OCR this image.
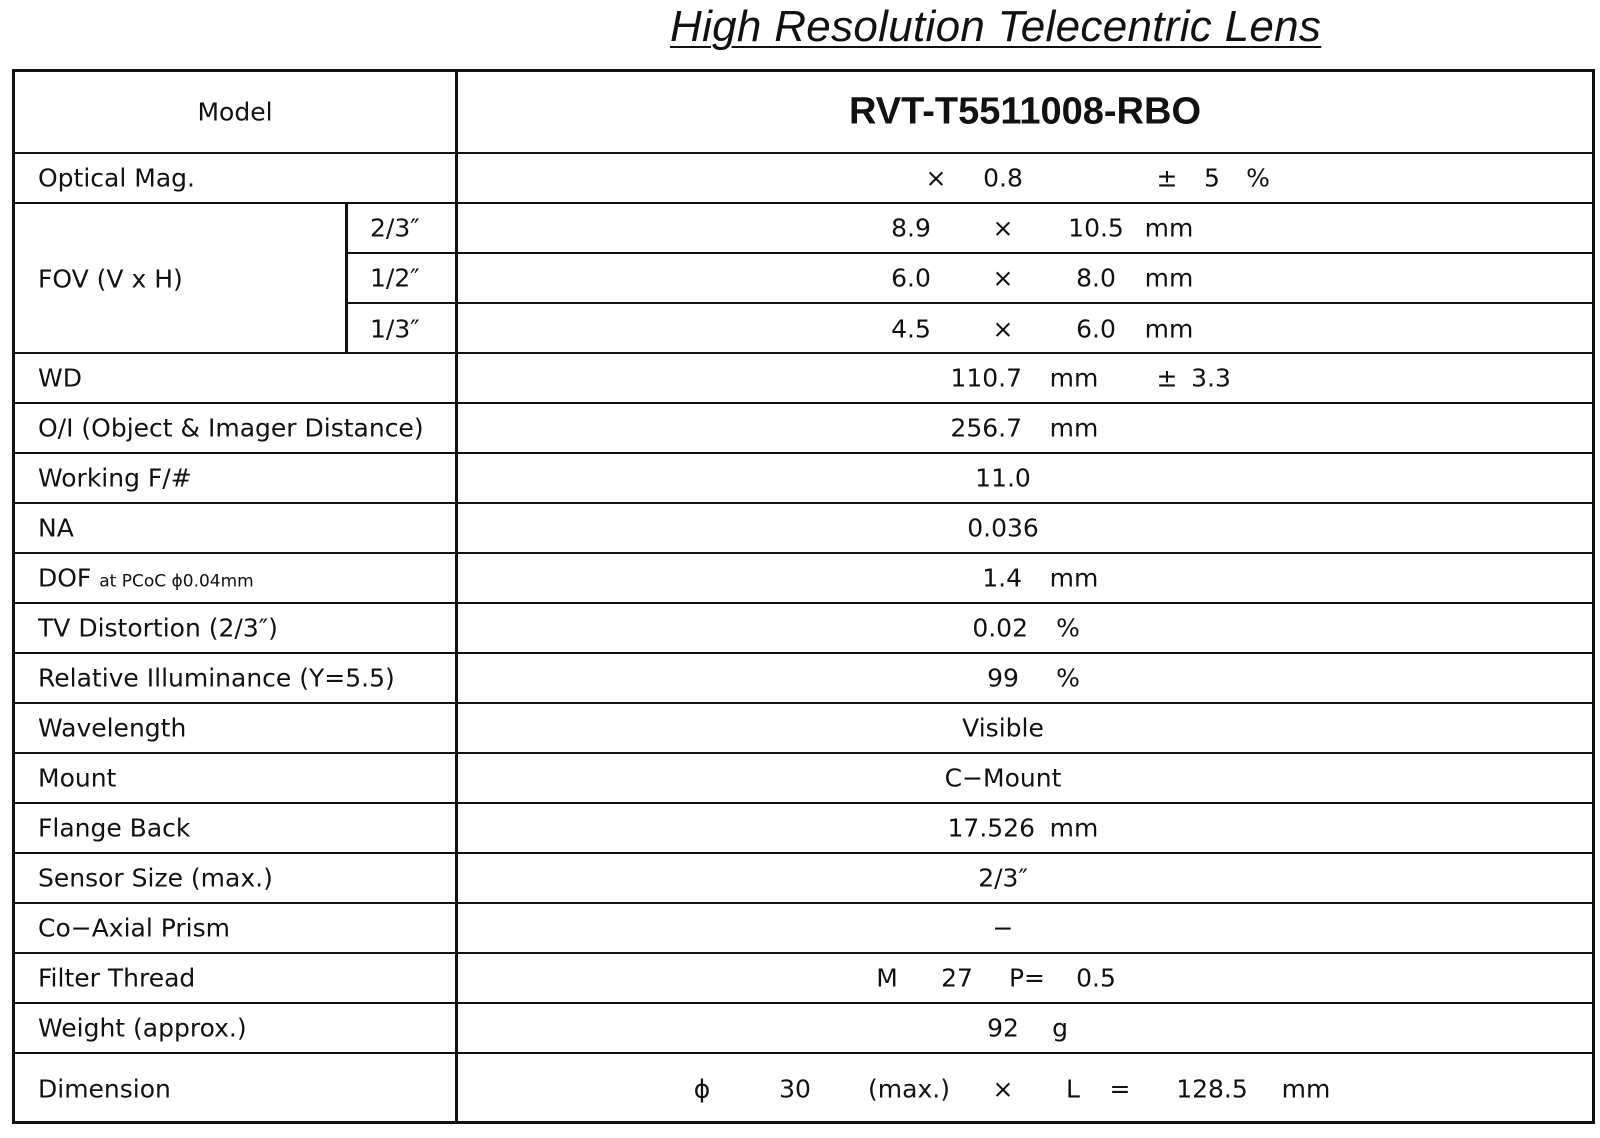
High Resolution Telecentric Lens
Model	RVT-T5511008-RBO
Optical Mag.	× 0.8	± 5 %
FOV (V x H)
2/3″	8.9 × 10.5 mm
1/2″	6.0 ×	8.0 mm
1/3″	4.5 ×	6.0 mm
WD	110.7 mm ± 3.3
O/I (Object & Imager Distance)	256.7 mm
Working F/#	11.0
NA	0.036
DOF at PCoC ϕ0.04mm	1.4 mm
TV Distortion (2/3″)	0.02 %
Relative Illuminance (Y=5.5)	99 %
Wavelength	Visible
Mount	C−Mount
Flange Back	17.526 mm
Sensor Size (max.)	2/3″
Co−Axial Prism	−
Filter Thread	M 27 P= 0.5
Weight (approx.)	92 g
Dimension	ϕ	30 (max.) × L = 128.5 mm
